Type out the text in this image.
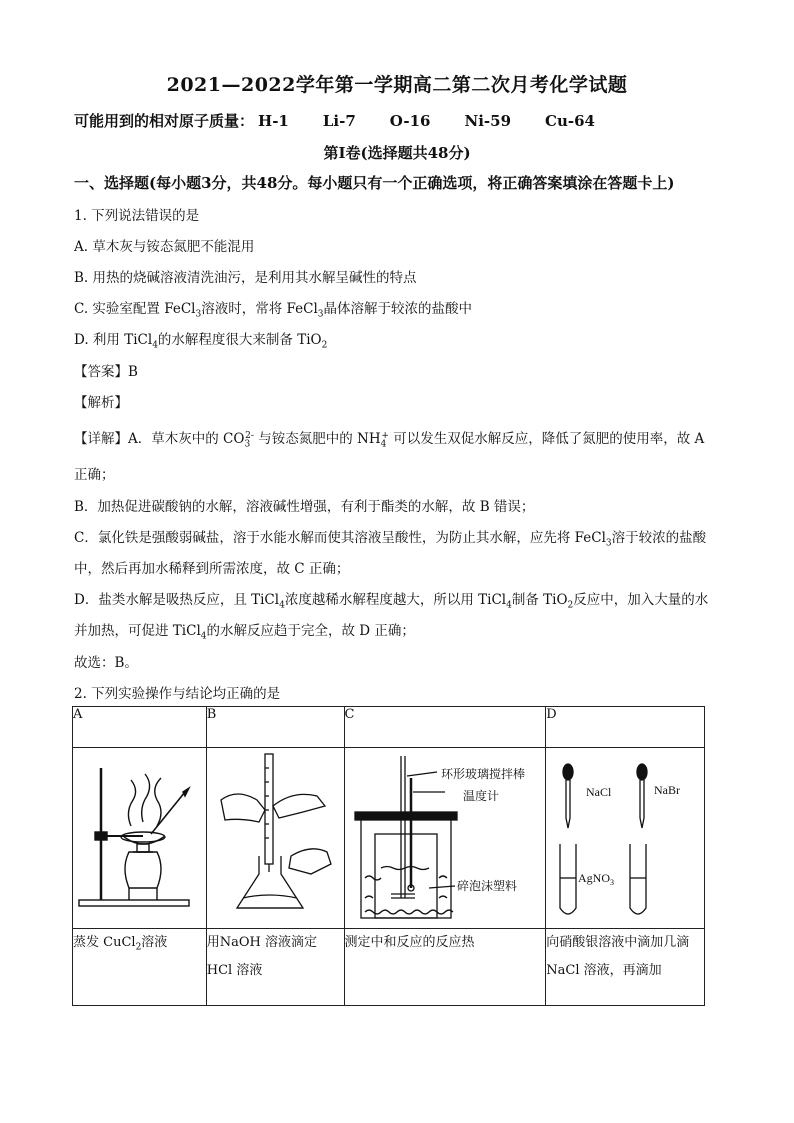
2021—2022学年第一学期高二第二次月考化学试题
可能用到的相对原子质量： H-1 Li-7 O-16 Ni-59 Cu-64
第Ⅰ卷(选择题共48分)
一、选择题(每小题3分，共48分。每小题只有一个正确选项，将正确答案填涂在答题卡上)
1. 下列说法错误的是
A. 草木灰与铵态氮肥不能混用
B. 用热的烧碱溶液清洗油污，是利用其水解呈碱性的特点
C. 实验室配置 FeCl$_3$溶液时，常将 FeCl$_3$晶体溶解于较浓的盐酸中
D. 利用 TiCl$_4$的水解程度很大来制备 TiO$_2$
【答案】B
【解析】
【详解】A．草木灰中的 $CO_3^{2-}$ 与铵态氮肥中的 $NH_4^+$ 可以发生双促水解反应，降低了氮肥的使用率，故 A
正确；
B．加热促进碳酸钠的水解，溶液碱性增强，有利于酯类的水解，故 B 错误；
C．氯化铁是强酸弱碱盐，溶于水能水解而使其溶液呈酸性，为防止其水解，应先将 FeCl$_3$溶于较浓的盐酸
中，然后再加水稀释到所需浓度，故 C 正确；
D．盐类水解是吸热反应，且 TiCl$_4$浓度越稀水解程度越大，所以用 TiCl$_4$制备 TiO$_2$反应中，加入大量的水
并加热，可促进 TiCl$_4$的水解反应趋于完全，故 D 正确；
故选：B。
2. 下列实验操作与结论均正确的是
A	B	C	D

环形玻璃搅拌棒
温度计
碎泡沫塑料	NaCl NaBr
AgNO$_3$

蒸发 CuCl$_2$溶液	用NaOH 溶液滴定 HCl 溶液	测定中和反应的反应热	向硝酸银溶液中滴加几滴 NaCl 溶液，再滴加
